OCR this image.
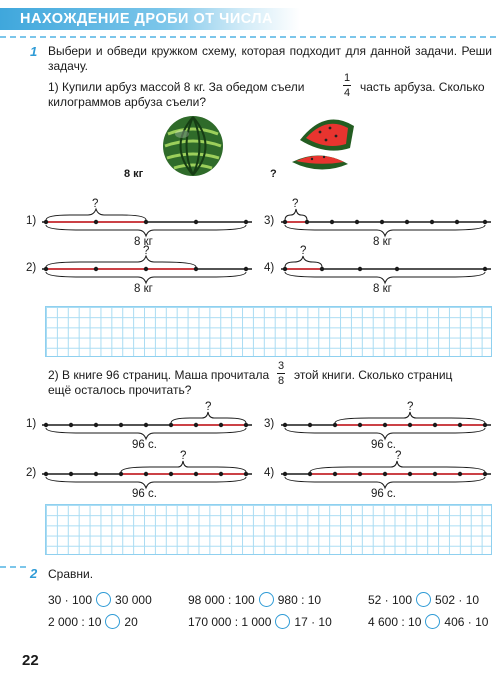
НАХОЖДЕНИЕ ДРОБИ ОТ ЧИСЛА
1 Выбери и обведи кружком схему, которая подходит для данной задачи. Реши задачу.
1) Купили арбуз массой 8 кг. За обедом съели
1
4 часть арбуза. Сколько
килограммов арбуза съели?
8 кг	?
1)
?
8 кг
3)
?
8 кг
2)
?
8 кг
4)
?
8 кг
2) В книге 96 страниц. Маша прочитала
3
8 этой книги. Сколько страниц
ещё осталось прочитать?
1)
?
96 с.
3)
?
96 с.
2)
?
96 с.
4)
?
96 с.
2 Сравни.
30 · 100 30 000	98 000 : 100 980 : 10	52 · 100 502 · 10
2 000 : 10 20	170 000 : 1 000 17 · 10	4 600 : 10 406 · 10
22
